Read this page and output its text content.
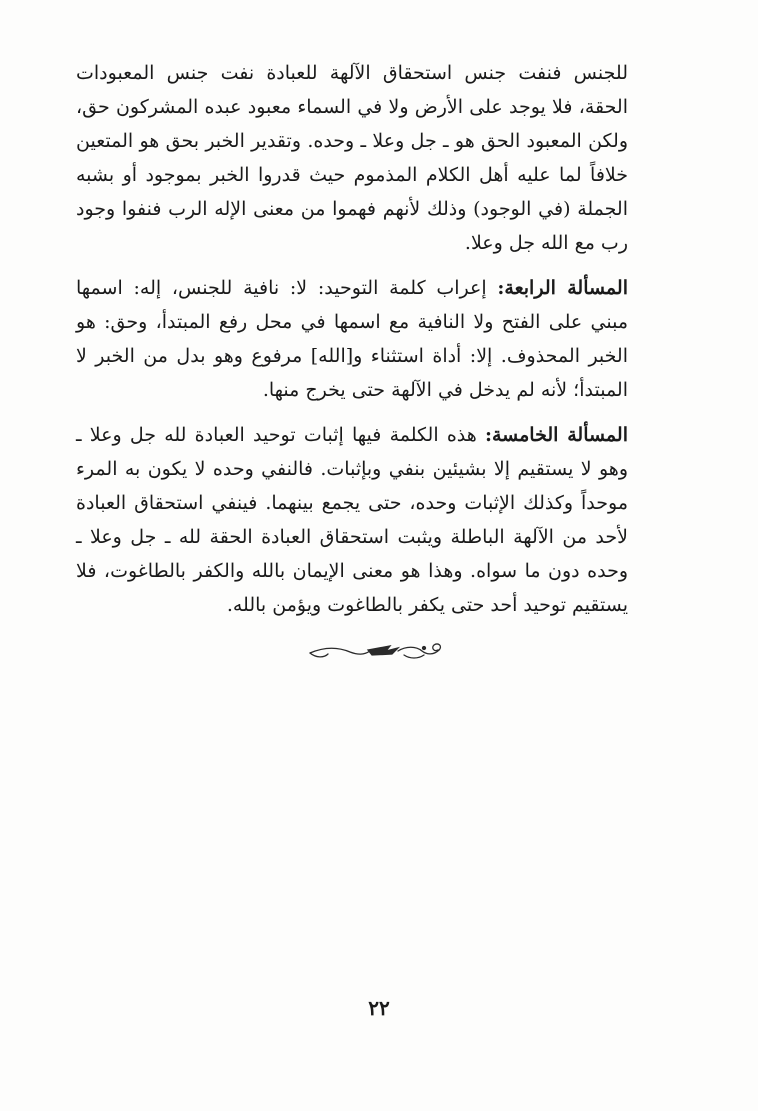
للجنس فنفت جنس استحقاق الآلهة للعبادة نفت جنس المعبودات الحقة، فلا يوجد على الأرض ولا في السماء معبود عبده المشركون حق، ولكن المعبود الحق هو ـ جل وعلا ـ وحده. وتقدير الخبر بحق هو المتعين خلافاً لما عليه أهل الكلام المذموم حيث قدروا الخبر بموجود أو بشبه الجملة (في الوجود) وذلك لأنهم فهموا من معنى الإله الرب فنفوا وجود رب مع الله جل وعلا.

المسألة الرابعة: إعراب كلمة التوحيد: لا: نافية للجنس، إله: اسمها مبني على الفتح ولا النافية مع اسمها في محل رفع المبتدأ، وحق: هو الخبر المحذوف. إلا: أداة استثناء و[الله] مرفوع وهو بدل من الخبر لا المبتدأ؛ لأنه لم يدخل في الآلهة حتى يخرج منها.

المسألة الخامسة: هذه الكلمة فيها إثبات توحيد العبادة لله جل وعلا ـ وهو لا يستقيم إلا بشيئين بنفي وبإثبات. فالنفي وحده لا يكون به المرء موحداً وكذلك الإثبات وحده، حتى يجمع بينهما. فينفي استحقاق العبادة لأحد من الآلهة الباطلة ويثبت استحقاق العبادة الحقة لله ـ جل وعلا ـ وحده دون ما سواه. وهذا هو معنى الإيمان بالله والكفر بالطاغوت، فلا يستقيم توحيد أحد حتى يكفر بالطاغوت ويؤمن بالله.

٢٢
